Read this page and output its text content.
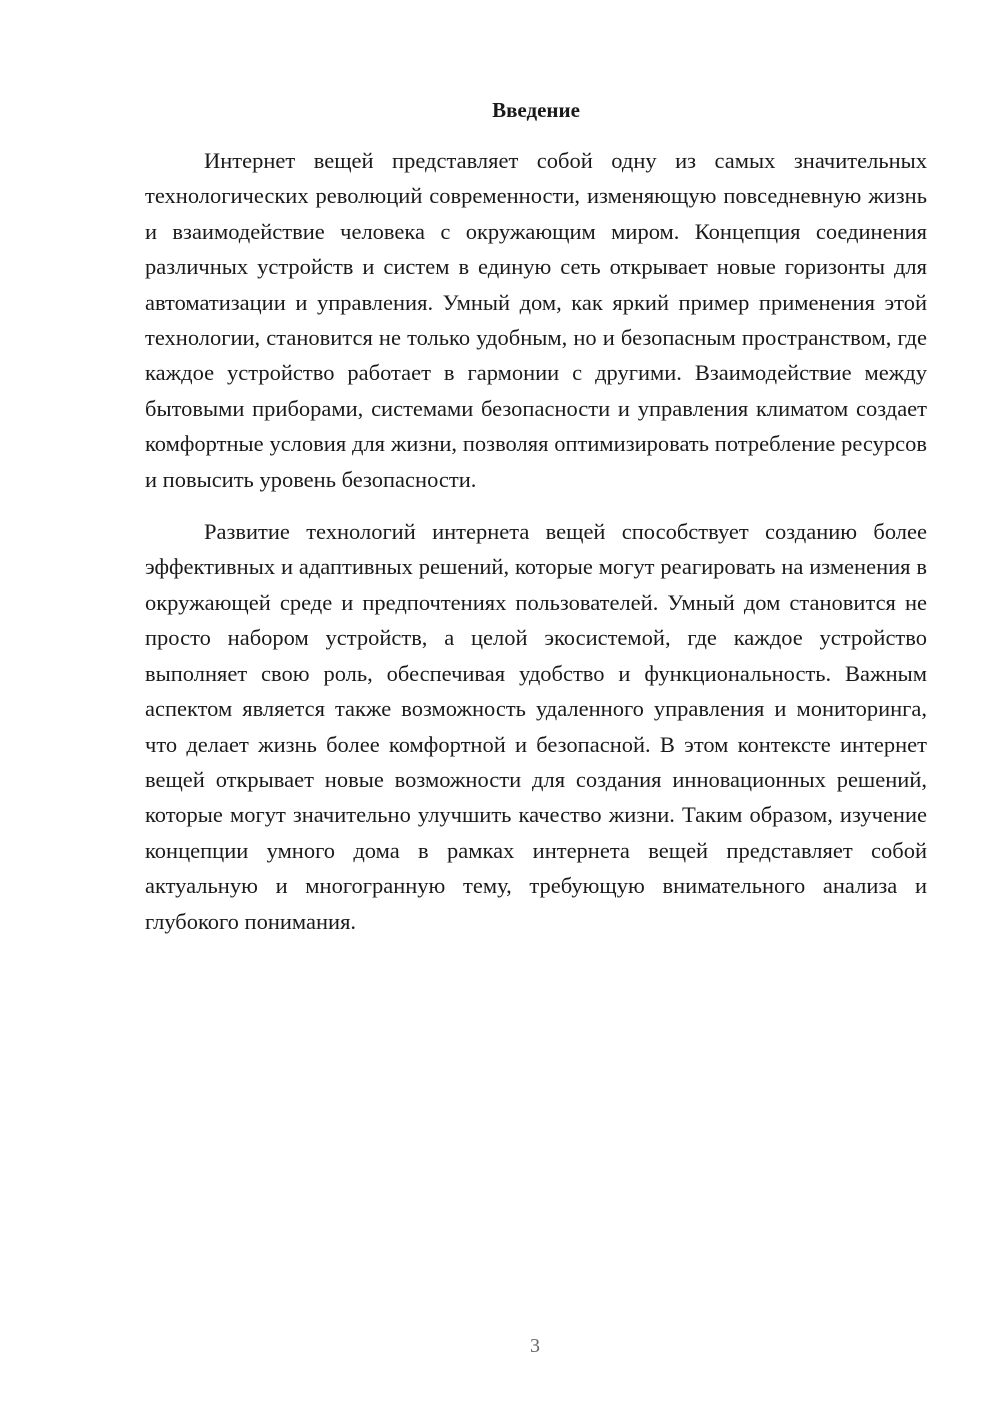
Введение

Интернет вещей представляет собой одну из самых значительных технологических революций современности, изменяющую повседневную жизнь и взаимодействие человека с окружающим миром. Концепция соединения различных устройств и систем в единую сеть открывает новые горизонты для автоматизации и управления. Умный дом, как яркий пример применения этой технологии, становится не только удобным, но и безопасным пространством, где каждое устройство работает в гармонии с другими. Взаимодействие между бытовыми приборами, системами безопасности и управления климатом создает комфортные условия для жизни, позволяя оптимизировать потребление ресурсов и повысить уровень безопасности.

Развитие технологий интернета вещей способствует созданию более эффективных и адаптивных решений, которые могут реагировать на изменения в окружающей среде и предпочтениях пользователей. Умный дом становится не просто набором устройств, а целой экосистемой, где каждое устройство выполняет свою роль, обеспечивая удобство и функциональность. Важным аспектом является также возможность удаленного управления и мониторинга, что делает жизнь более комфортной и безопасной. В этом контексте интернет вещей открывает новые возможности для создания инновационных решений, которые могут значительно улучшить качество жизни. Таким образом, изучение концепции умного дома в рамках интернета вещей представляет собой актуальную и многогранную тему, требующую внимательного анализа и глубокого понимания.

3
